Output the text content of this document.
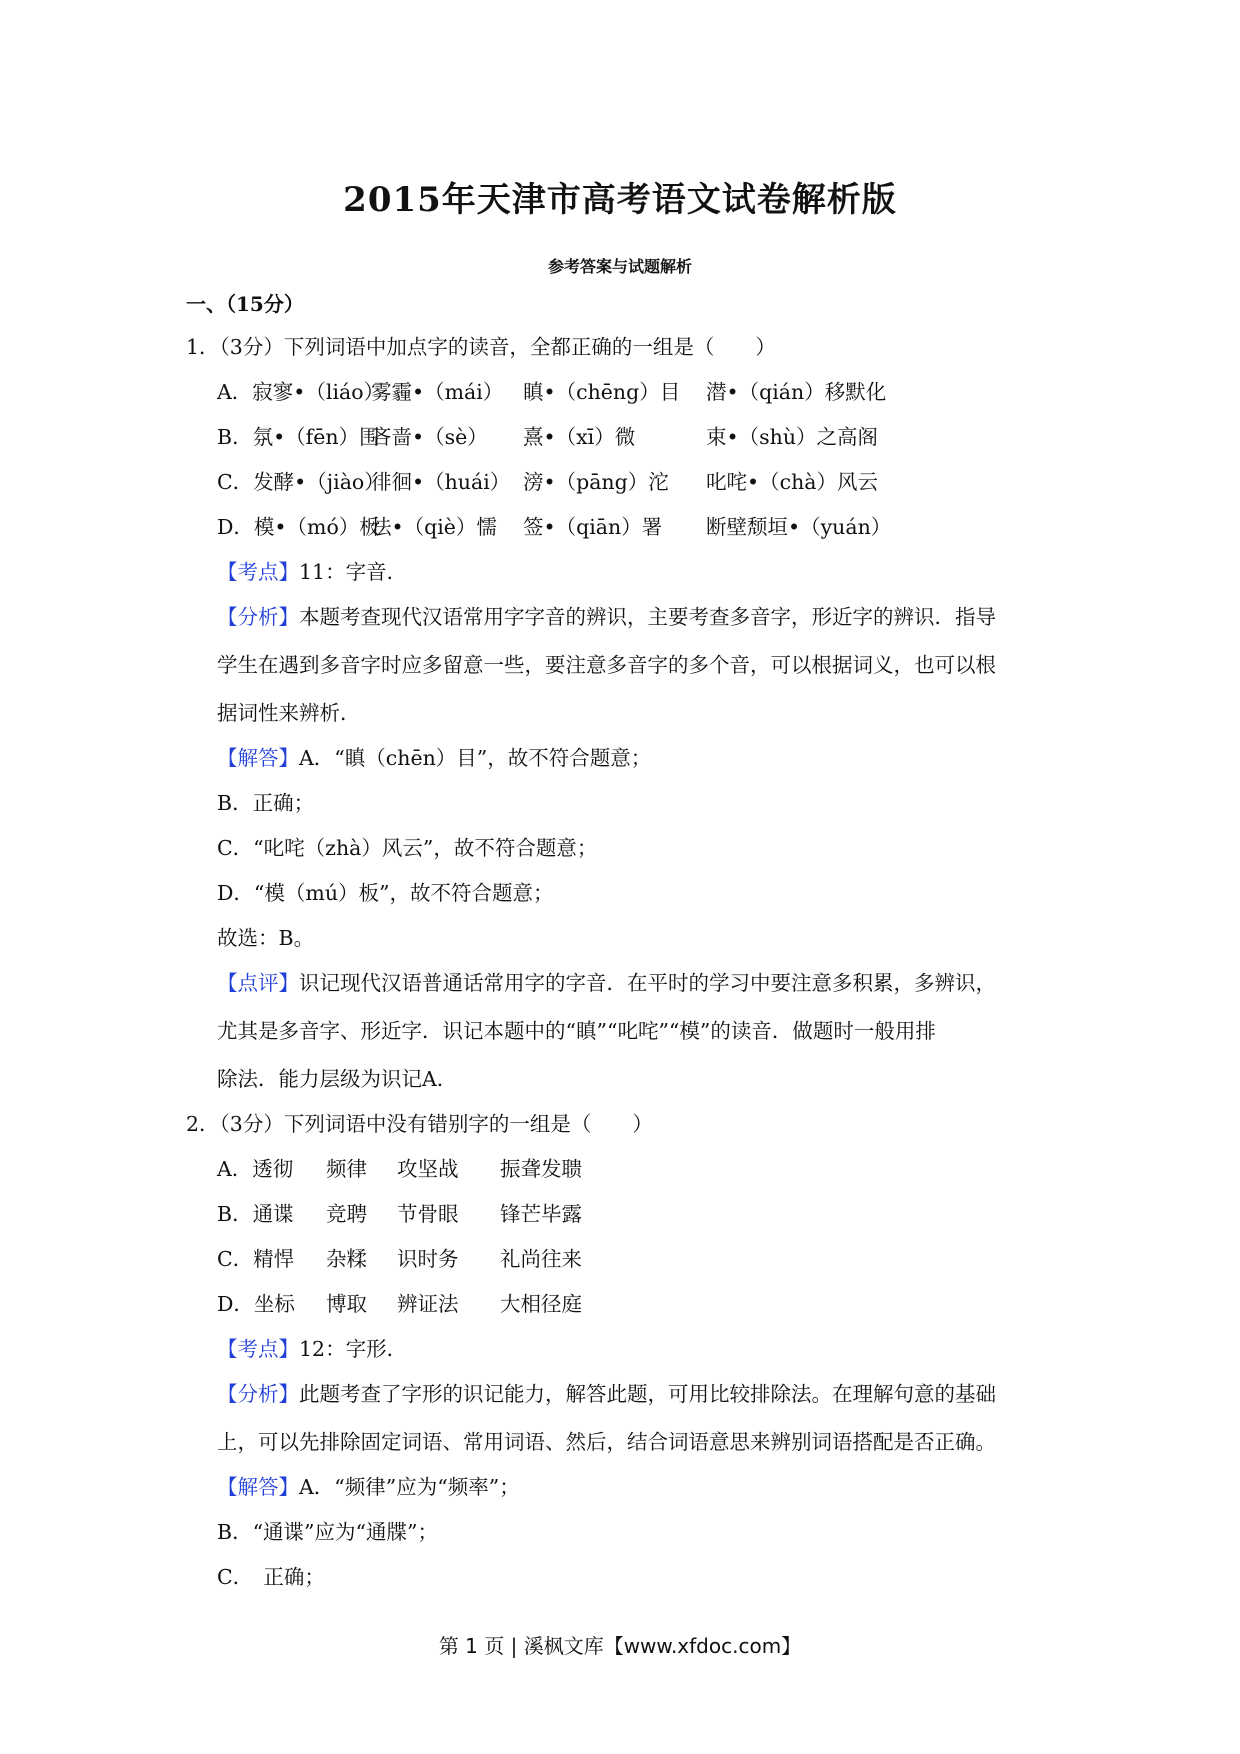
2015年天津市高考语文试卷解析版
参考答案与试题解析
一、（15分）
1．（3分）下列词语中加点字的读音，全都正确的一组是（　　）
A．寂寥•（liáo）雾霾•（mái） 瞋•（chēng）目 潜•（qián）移默化
B．氛•（fēn）围吝啬•（sè） 熹•（xī）微	束•（shù）之高阁
C．发酵•（jiào）徘徊•（huái） 滂•（pāng）沱 叱咤•（chà）风云
D．模•（mó）板怯•（qiè）懦 签•（qiān）署 断壁颓垣•（yuán）
【考点】11：字音．
【分析】本题考查现代汉语常用字字音的辨识，主要考查多音字，形近字的辨识．指导
学生在遇到多音字时应多留意一些，要注意多音字的多个音，可以根据词义，也可以根
据词性来辨析．
【解答】A．“瞋（chēn）目”，故不符合题意；
B．正确；
C．“叱咤（zhà）风云”，故不符合题意；
D．“模（mú）板”，故不符合题意；
故选：B。
【点评】识记现代汉语普通话常用字的字音．在平时的学习中要注意多积累，多辨识，
尤其是多音字、形近字．识记本题中的“瞋”“叱咤”“模”的读音．做题时一般用排
除法．能力层级为识记A．
2．（3分）下列词语中没有错别字的一组是（　　）
A．透彻 频律 攻坚战 振聋发聩
B．通谍 竞聘 节骨眼 锋芒毕露
C．精悍 杂糅 识时务 礼尚往来
D．坐标 博取 辨证法 大相径庭
【考点】12：字形．
【分析】此题考查了字形的识记能力，解答此题，可用比较排除法。在理解句意的基础
上，可以先排除固定词语、常用词语、然后，结合词语意思来辨别词语搭配是否正确。
【解答】A．“频律”应为“频率”；
B．“通谍”应为“通牒”；
C．　正确；
第 1 页 | 溪枫文库【www.xfdoc.com】
